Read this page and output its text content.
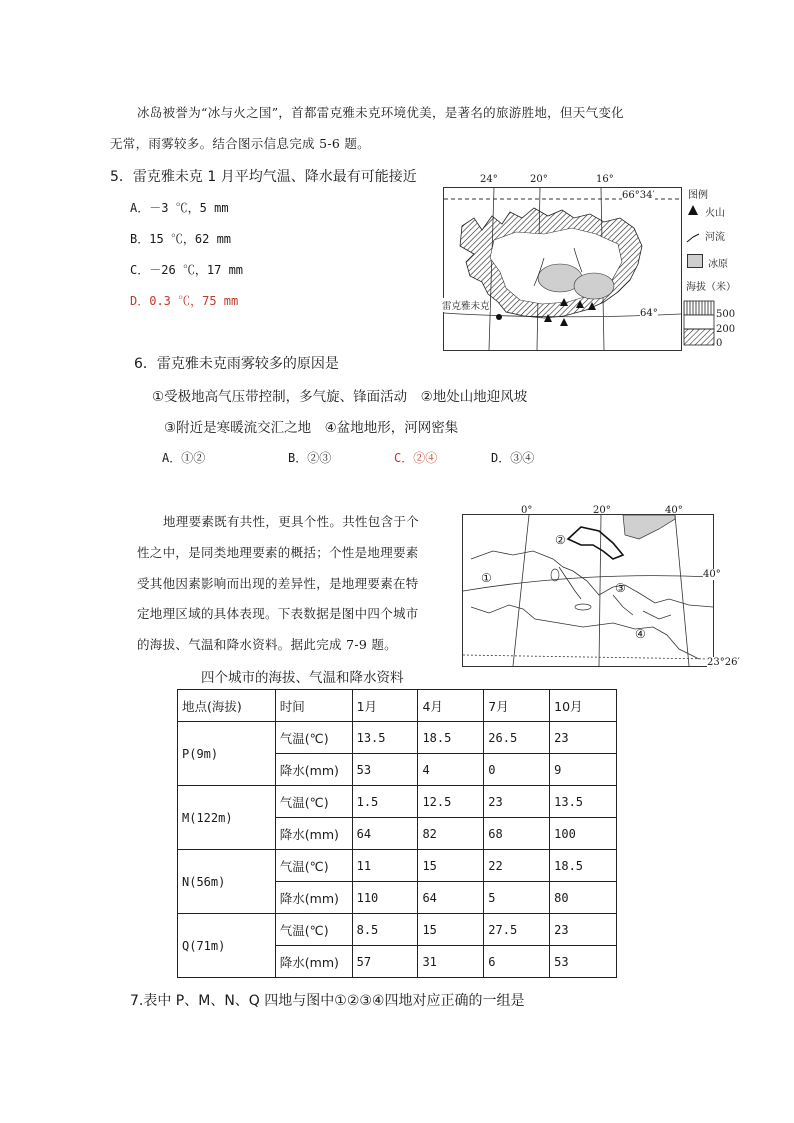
冰岛被誉为“冰与火之国”，首都雷克雅未克环境优美，是著名的旅游胜地，但天气变化
无常，雨雾较多。结合图示信息完成 5-6 题。
5．雷克雅未克 1 月平均气温、降水最有可能接近
A．－3 ℃，5 mm
B．15 ℃，62 mm
C．－26 ℃，17 mm
D．0.3 ℃，75 mm
24°	20°	16°
66°34′
64°
雷克雅未克
图例
火山
河流
冰原
海拔（米）
500
200
0
6．雷克雅未克雨雾较多的原因是
①受极地高气压带控制，多气旋、锋面活动　②地处山地迎风坡
③附近是寒暖流交汇之地　④盆地地形，河网密集
A．①②	B．②③	C．②④	D．③④
地理要素既有共性，更具个性。共性包含于个
性之中，是同类地理要素的概括；个性是地理要素
受其他因素影响而出现的差异性，是地理要素在特
定地理区域的具体表现。下表数据是图中四个城市
的海拔、气温和降水资料。据此完成 7-9 题。
0°	20°	40°
40°
23°26′
①
②
③
④
四个城市的海拔、气温和降水资料
地点(海拔)	时间	1月	4月	7月	10月
P(9m)	气温(℃)	13.5	18.5	26.5	23
	降水(mm)	53	4	0	9
M(122m)	气温(℃)	1.5	12.5	23	13.5
	降水(mm)	64	82	68	100
N(56m)	气温(℃)	11	15	22	18.5
	降水(mm)	110	64	5	80
Q(71m)	气温(℃)	8.5	15	27.5	23
	降水(mm)	57	31	6	53
7.表中 P、M、N、Q 四地与图中①②③④四地对应正确的一组是
